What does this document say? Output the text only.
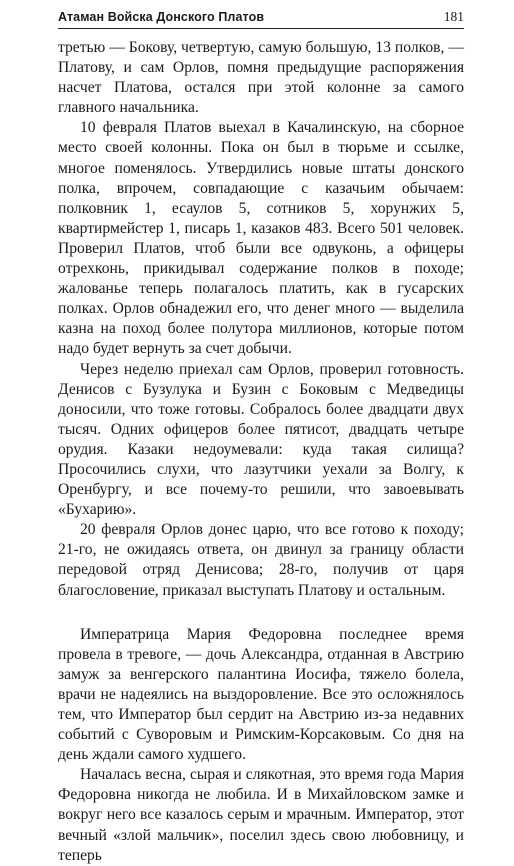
Атаман Войска Донского Платов	181

третью — Бокову, четвертую, самую большую, 13 полков, — Платову, и сам Орлов, помня предыдущие распоряжения насчет Платова, остался при этой колонне за самого главного начальника.

10 февраля Платов выехал в Качалинскую, на сборное место своей колонны. Пока он был в тюрьме и ссылке, многое поменялось. Утвердились новые штаты донского полка, впрочем, совпадающие с казачьим обычаем: полковник 1, есаулов 5, сотников 5, хорунжих 5, квартирмейстер 1, писарь 1, казаков 483. Всего 501 человек. Проверил Платов, чтоб были все одвуконь, а офицеры отрехконь, прикидывал содержание полков в походе; жалованье теперь полагалось платить, как в гусарских полках. Орлов обнадежил его, что денег много — выделила казна на поход более полутора миллионов, которые потом надо будет вернуть за счет добычи.

Через неделю приехал сам Орлов, проверил готовность. Денисов с Бузулука и Бузин с Боковым с Медведицы доносили, что тоже готовы. Собралось более двадцати двух тысяч. Одних офицеров более пятисот, двадцать четыре орудия. Казаки недоумевали: куда такая силища? Просочились слухи, что лазутчики уехали за Волгу, к Оренбургу, и все почему-то решили, что завоевывать «Бухарию».

20 февраля Орлов донес царю, что все готово к походу; 21-го, не ожидаясь ответа, он двинул за границу области передовой отряд Денисова; 28-го, получив от царя благословение, приказал выступать Платову и остальным.

Императрица Мария Федоровна последнее время провела в тревоге, — дочь Александра, отданная в Австрию замуж за венгерского палантина Иосифа, тяжело болела, врачи не надеялись на выздоровление. Все это осложнялось тем, что Император был сердит на Австрию из-за недавних событий с Суворовым и Римским-Корсаковым. Со дня на день ждали самого худшего.

Началась весна, сырая и слякотная, это время года Мария Федоровна никогда не любила. И в Михайловском замке и вокруг него все казалось серым и мрачным. Император, этот вечный «злой мальчик», поселил здесь свою любовницу, и теперь
